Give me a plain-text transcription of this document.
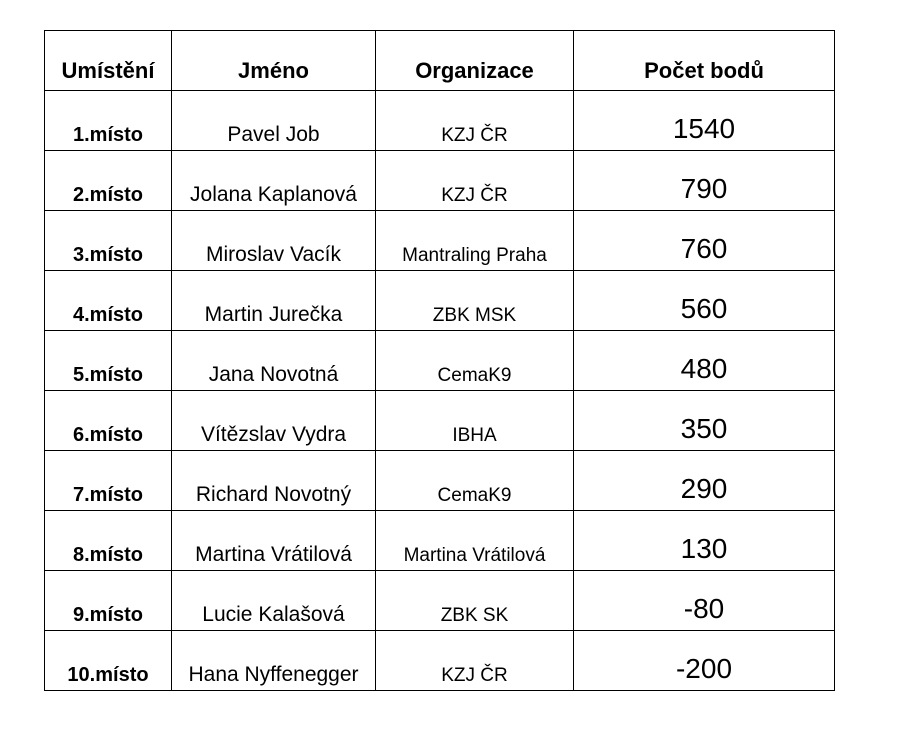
Umístění	Jméno	Organizace	Počet bodů
1.místo	Pavel Job	KZJ ČR	1540
2.místo	Jolana Kaplanová	KZJ ČR	790
3.místo	Miroslav Vacík	Mantraling Praha	760
4.místo	Martin Jurečka	ZBK MSK	560
5.místo	Jana Novotná	CemaK9	480
6.místo	Vítězslav Vydra	IBHA	350
7.místo	Richard Novotný	CemaK9	290
8.místo	Martina Vrátilová	Martina Vrátilová	130
9.místo	Lucie Kalašová	ZBK SK	-80
10.místo	Hana Nyffenegger	KZJ ČR	-200
